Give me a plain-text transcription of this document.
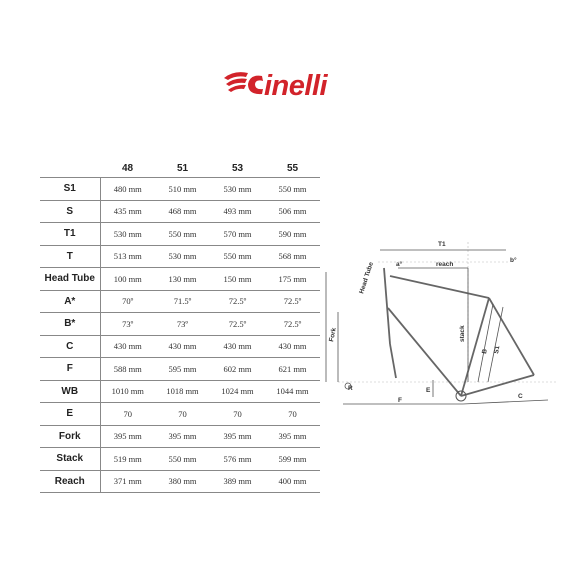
inelli
	48	51	53	55
S1	480 mm	510 mm	530 mm	550 mm
S	435 mm	468 mm	493 mm	506 mm
T1	530 mm	550 mm	570 mm	590 mm
T	513 mm	530 mm	550 mm	568 mm
Head Tube	100 mm	130 mm	150 mm	175 mm
A*	70º	71.5º	72.5º	72.5º
B*	73º	73º	72.5º	72.5º
C	430 mm	430 mm	430 mm	430 mm
F	588 mm	595 mm	602 mm	621 mm
WB	1010 mm	1018 mm	1024 mm	1044 mm
E	70	70	70	70
Fork	395 mm	395 mm	395 mm	395 mm
Stack	519 mm	550 mm	576 mm	599 mm
Reach	371 mm	380 mm	389 mm	400 mm
T1
a°
b°
reach
Head Tube
Fork	stack
B S1
R	E
F
C
